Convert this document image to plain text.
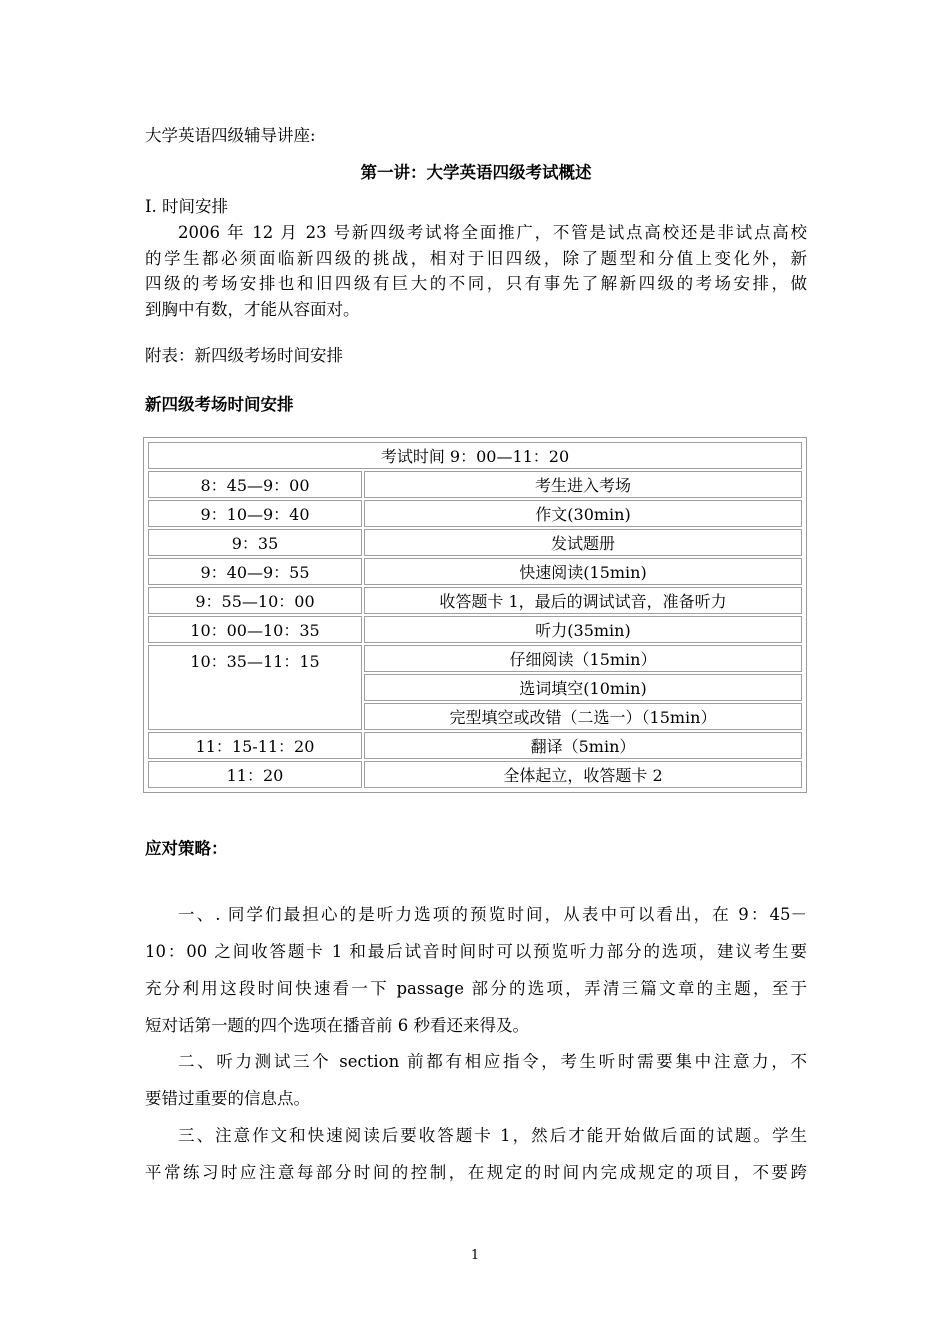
大学英语四级辅导讲座:
第一讲：大学英语四级考试概述
I. 时间安排
2006 年 12 月 23 号新四级考试将全面推广，不管是试点高校还是非试点高校
的学生都必须面临新四级的挑战，相对于旧四级，除了题型和分值上变化外，新
四级的考场安排也和旧四级有巨大的不同，只有事先了解新四级的考场安排，做
到胸中有数，才能从容面对。
附表：新四级考场时间安排
新四级考场时间安排
考试时间 9：00—11：20	
8：45—9：00	考生进入考场
9：10—9：40	作文(30min)
9：35	发试题册
9：40—9：55	快速阅读(15min)
9：55—10：00	收答题卡 1，最后的调试试音，准备听力
10：00—10：35	听力(35min)
10：35—11：15	仔细阅读（15min）
	选词填空(10min)
	完型填空或改错（二选一）（15min）
11：15-11：20	翻译（5min）
11：20	全体起立，收答题卡 2
应对策略：
一、. 同学们最担心的是听力选项的预览时间，从表中可以看出，在 9：45－
10：00 之间收答题卡 1 和最后试音时间时可以预览听力部分的选项，建议考生要
充分利用这段时间快速看一下 passage 部分的选项，弄清三篇文章的主题，至于
短对话第一题的四个选项在播音前 6 秒看还来得及。
二、听力测试三个 section 前都有相应指令，考生听时需要集中注意力，不
要错过重要的信息点。
三、注意作文和快速阅读后要收答题卡 1，然后才能开始做后面的试题。学生
平常练习时应注意每部分时间的控制，在规定的时间内完成规定的项目，不要跨
1
